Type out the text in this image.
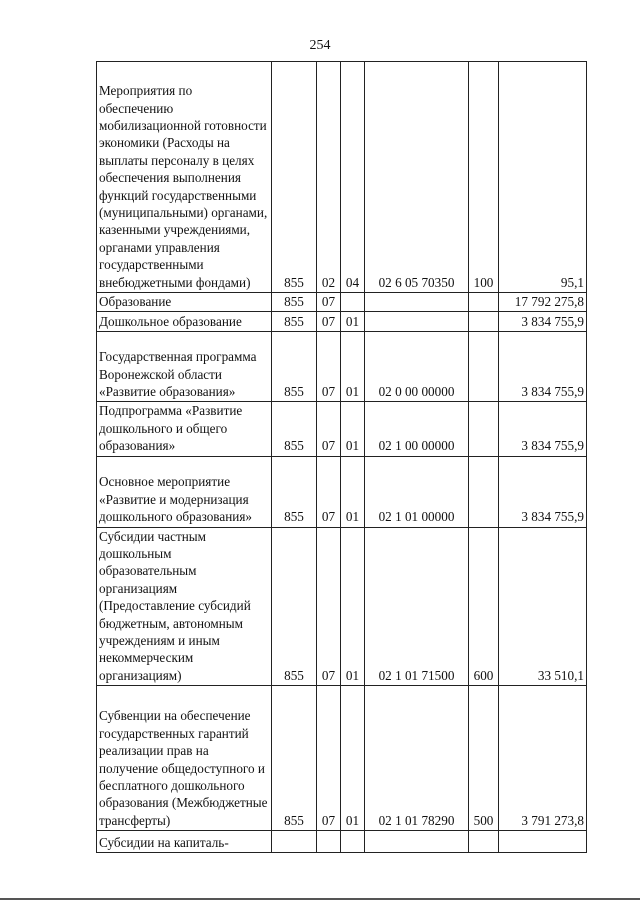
254
Мероприятия по обеспечению мобилизационной готовности экономики (Расходы на выплаты персоналу в целях обеспечения выполнения функций государственными (муниципальными) органами, казенными учреждениями, органами управления государственными внебюджетными фондами)	855	02	04	02 6 05 70350	100	95,1
Образование	855	07				17 792 275,8
Дошкольное образование	855	07	01			3 834 755,9
Государственная программа Воронежской области «Развитие образования»	855	07	01	02 0 00 00000		3 834 755,9
Подпрограмма «Развитие дошкольного и общего образования»	855	07	01	02 1 00 00000		3 834 755,9
Основное мероприятие «Развитие и модернизация дошкольного образования»	855	07	01	02 1 01 00000		3 834 755,9
Субсидии частным дошкольным образовательным организациям (Предоставление субсидий бюджетным, автономным учреждениям и иным некоммерческим организациям)	855	07	01	02 1 01 71500	600	33 510,1
Субвенции на обеспечение государственных гарантий реализации прав на получение общедоступного и бесплатного дошкольного образования (Межбюджетные трансферты)	855	07	01	02 1 01 78290	500	3 791 273,8
Субсидии на капиталь-						
